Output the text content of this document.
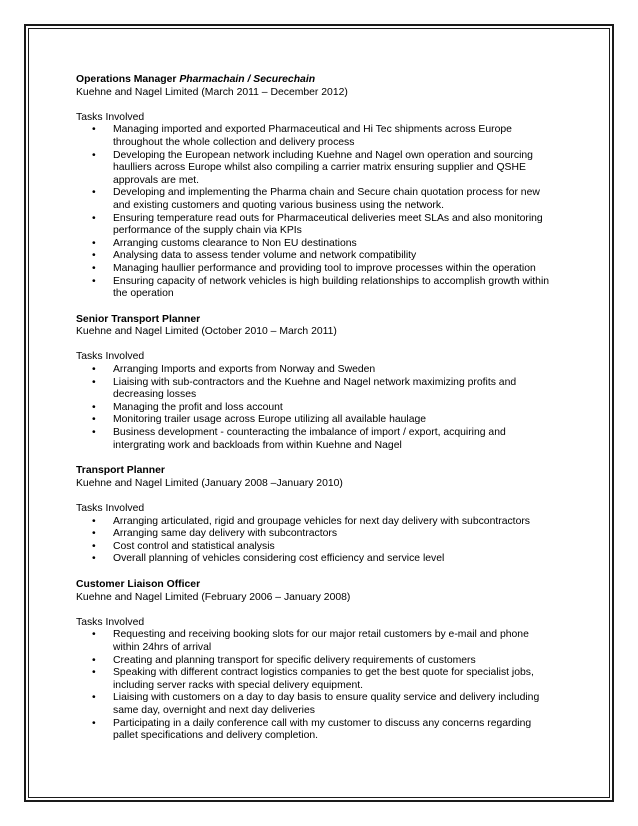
Operations Manager Pharmachain / Securechain
Kuehne and Nagel Limited (March 2011 – December 2012)
Tasks Involved
• Managing imported and exported Pharmaceutical and Hi Tec shipments across Europe throughout the whole collection and delivery process
• Developing the European network including Kuehne and Nagel own operation and sourcing haulliers across Europe whilst also compiling a carrier matrix ensuring supplier and QSHE approvals are met.
• Developing and implementing the Pharma chain and Secure chain quotation process for new and existing customers and quoting various business using the network.
• Ensuring temperature read outs for Pharmaceutical deliveries meet SLAs and also monitoring performance of the supply chain via KPIs
• Arranging customs clearance to Non EU destinations
• Analysing data to assess tender volume and network compatibility
• Managing haullier performance and providing tool to improve processes within the operation
• Ensuring capacity of network vehicles is high building relationships to accomplish growth within the operation
Senior Transport Planner
Kuehne and Nagel Limited (October 2010 – March 2011)
Tasks Involved
• Arranging Imports and exports from Norway and Sweden
• Liaising with sub-contractors and the Kuehne and Nagel network maximizing profits and decreasing losses
• Managing the profit and loss account
• Monitoring trailer usage across Europe utilizing all available haulage
• Business development - counteracting the imbalance of import / export, acquiring and intergrating work and backloads from within Kuehne and Nagel
Transport Planner
Kuehne and Nagel Limited (January 2008 –January 2010)
Tasks Involved
• Arranging articulated, rigid and groupage vehicles for next day delivery with subcontractors
• Arranging same day delivery with subcontractors
• Cost control and statistical analysis
• Overall planning of vehicles considering cost efficiency and service level
Customer Liaison Officer
Kuehne and Nagel Limited (February 2006 – January 2008)
Tasks Involved
• Requesting and receiving booking slots for our major retail customers by e-mail and phone within 24hrs of arrival
• Creating and planning transport for specific delivery requirements of customers
• Speaking with different contract logistics companies to get the best quote for specialist jobs, including server racks with special delivery equipment.
• Liaising with customers on a day to day basis to ensure quality service and delivery including same day, overnight and next day deliveries
• Participating in a daily conference call with my customer to discuss any concerns regarding pallet specifications and delivery completion.
